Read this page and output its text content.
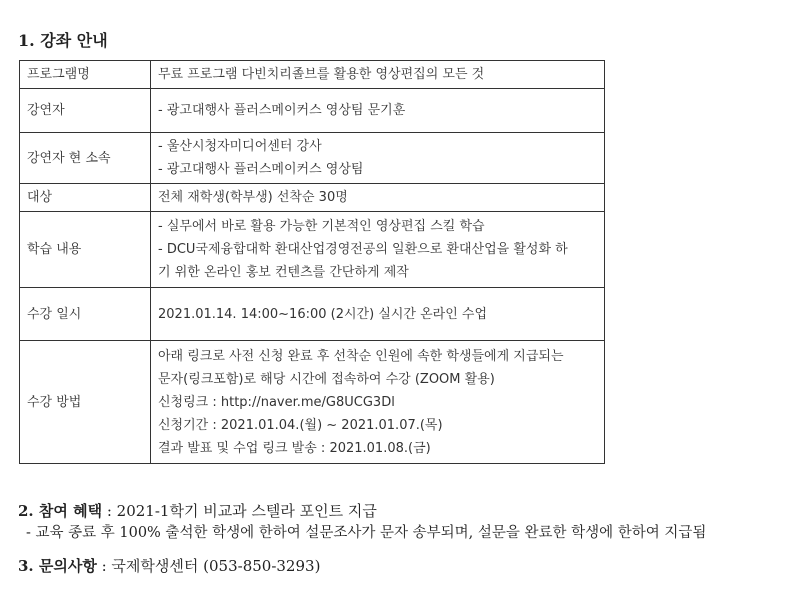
1. 강좌 안내
프로그램명	무료 프로그램 다빈치리졸브를 활용한 영상편집의 모든 것

강연자	- 광고대행사 플러스메이커스 영상팀 문기훈

강연자 현 소속	- 울산시청자미디어센터 강사
- 광고대행사 플러스메이커스 영상팀

대상	전체 재학생(학부생) 선착순 30명

학습 내용	- 실무에서 바로 활용 가능한 기본적인 영상편집 스킬 학습
- DCU국제융합대학 환대산업경영전공의 일환으로 환대산업을 활성화 하
기 위한 온라인 홍보 컨텐츠를 간단하게 제작

수강 일시	2021.01.14. 14:00~16:00 (2시간) 실시간 온라인 수업

수강 방법	아래 링크로 사전 신청 완료 후 선착순 인원에 속한 학생들에게 지급되는
문자(링크포함)로 해당 시간에 접속하여 수강 (ZOOM 활용)
신청링크 : http://naver.me/G8UCG3Dl
신청기간 : 2021.01.04.(월) ~ 2021.01.07.(목)
결과 발표 및 수업 링크 발송 : 2021.01.08.(금)
2. 참여 혜택 : 2021-1학기 비교과 스텔라 포인트 지급
- 교육 종료 후 100% 출석한 학생에 한하여 설문조사가 문자 송부되며, 설문을 완료한 학생에 한하여 지급됨
3. 문의사항 : 국제학생센터 (053-850-3293)
